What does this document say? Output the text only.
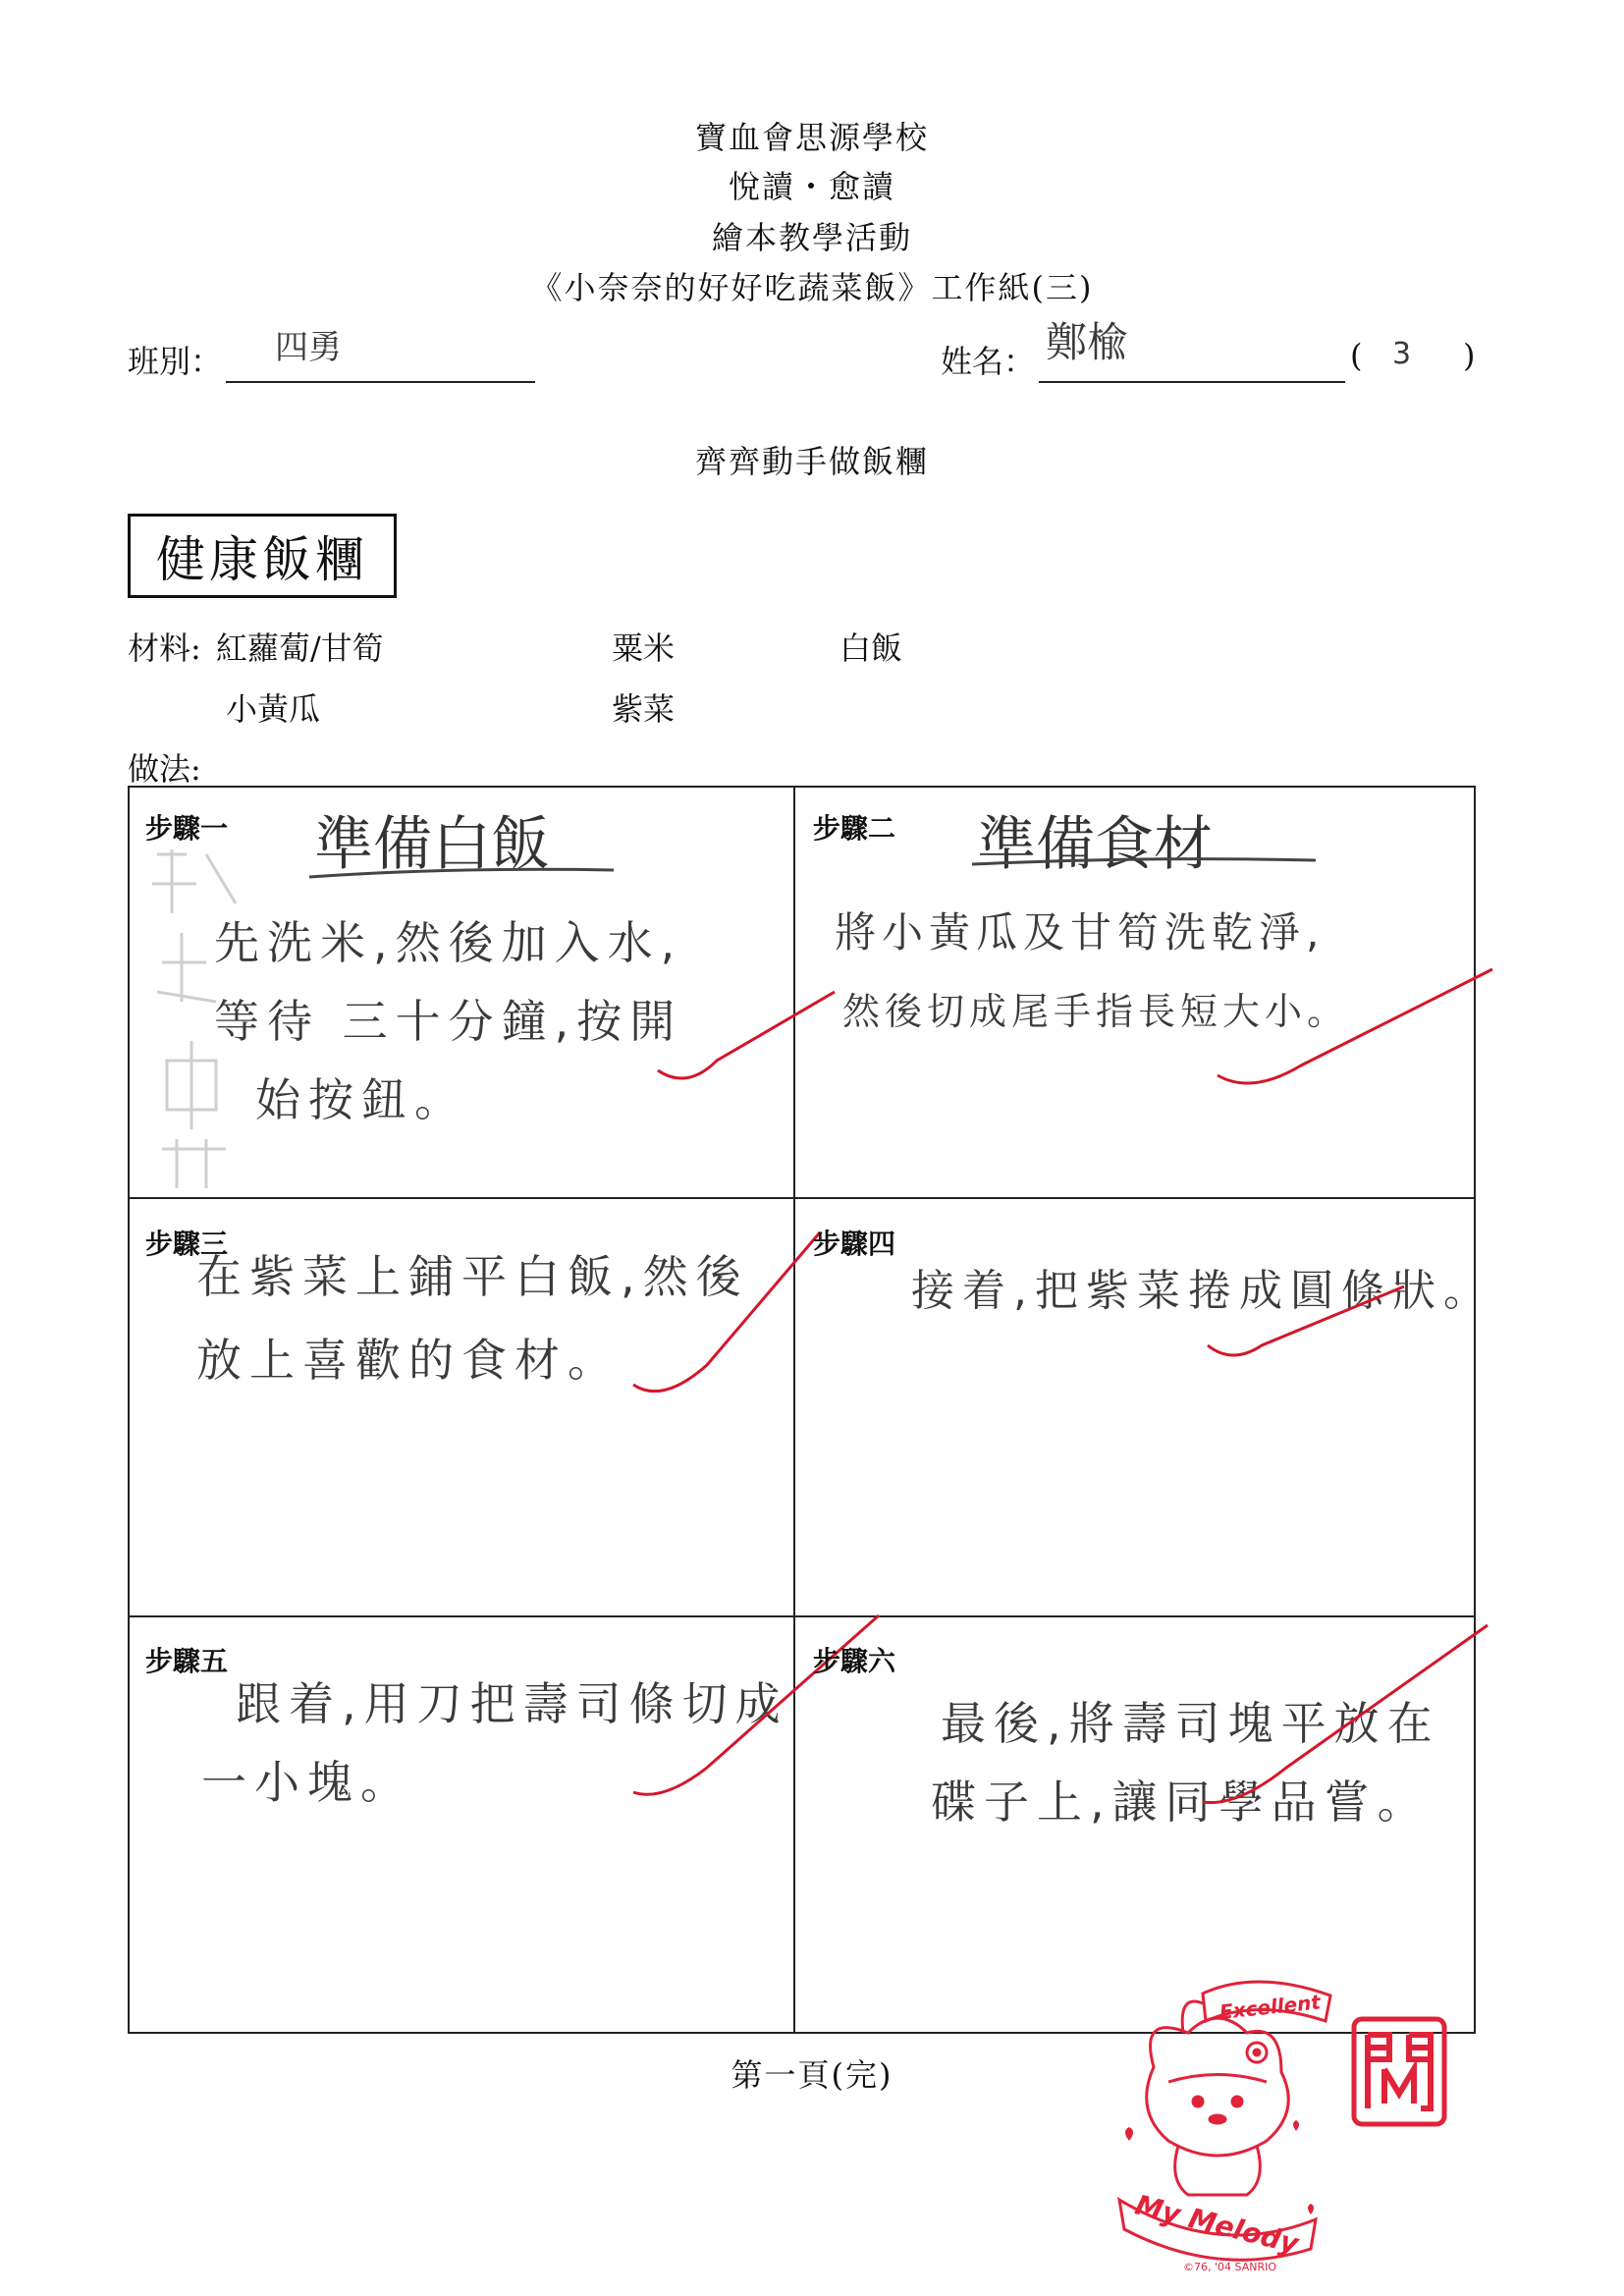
寶血會思源學校
悅讀・愈讀
繪本教學活動
《小奈奈的好好吃蔬菜飯》工作紙(三)
班別： 四勇	姓名： 鄭楡	( 3 )
齊齊動手做飯糰
健康飯糰
材料: 紅蘿蔔/甘筍	粟米	白飯
小黃瓜	紫菜
做法:
步驟一 準備白飯
先洗米,然後加入水,
等待 三十分鐘,按開
始按鈕。
步驟二 準備食材
將小黃瓜及甘筍洗乾淨,
然後切成尾手指長短大小。
步驟三
在紫菜上鋪平白飯,然後
放上喜歡的食材。
步驟四
接着,把紫菜捲成圓條狀。
步驟五
跟着,用刀把壽司條切成
一小塊。
步驟六
最後,將壽司塊平放在
碟子上,讓同學品嘗。
第一頁(完)
Excellent
My Melody
©76, '04 SANRIO
